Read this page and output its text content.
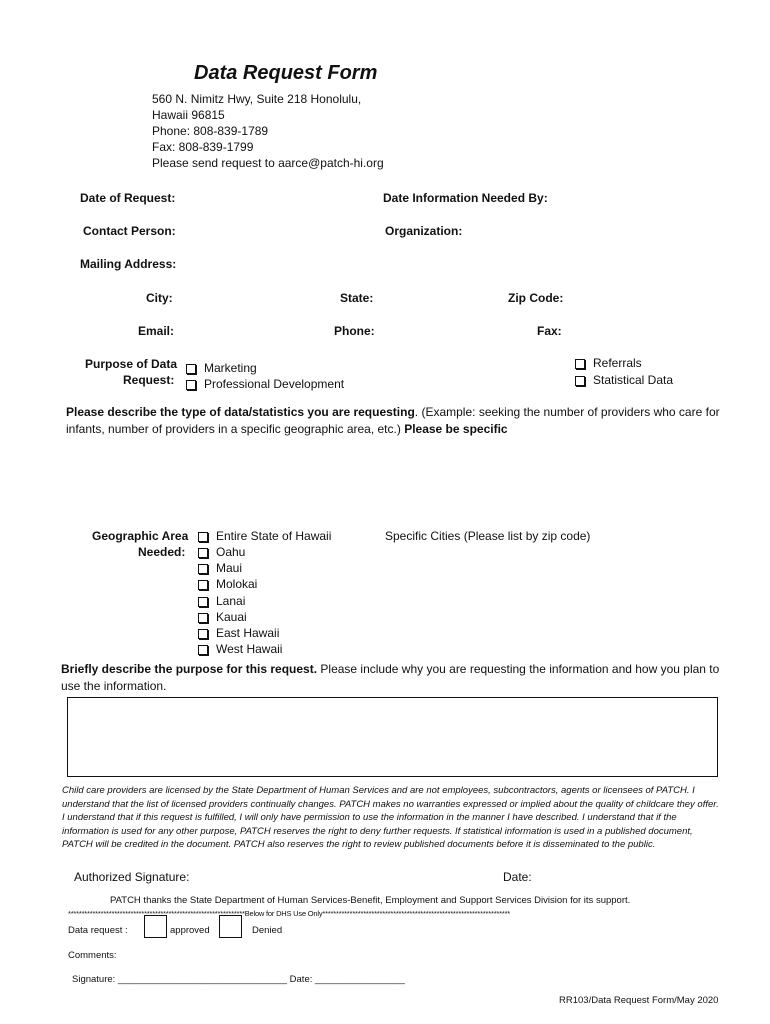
Data Request Form
560 N. Nimitz Hwy, Suite 218 Honolulu,
Hawaii 96815
Phone: 808-839-1789
Fax: 808-839-1799
Please send request to aarce@patch-hi.org
Date of Request:	Date Information Needed By:
Contact Person:	Organization:
Mailing Address:
City:	State:	Zip Code:
Email:	Phone:	Fax:
Purpose of Data
Request:
Marketing
Professional Development
Referrals
Statistical Data
Please describe the type of data/statistics you are requesting. (Example: seeking the number of providers who care for
infants, number of providers in a specific geographic area, etc.) Please be specific
Geographic Area
Needed:
Entire State of Hawaii
Oahu
Maui
Molokai
Lanai
Kauai
East Hawaii
West Hawaii
Specific Cities (Please list by zip code)
Briefly describe the purpose for this request. Please include why you are requesting the information and how you plan to
use the information.
Child care providers are licensed by the State Department of Human Services and are not employees, subcontractors, agents or licensees of PATCH. I understand that the list of licensed providers continually changes. PATCH makes no warranties expressed or implied about the quality of childcare they offer. I understand that if this request is fulfilled, I will only have permission to use the information in the manner I have described. I understand that if the information is used for any other purpose, PATCH reserves the right to deny further requests. If statistical information is used in a published document, PATCH will be credited in the document. PATCH also reserves the right to review published documents before it is disseminated to the public.
Authorized Signature:	Date:
PATCH thanks the State Department of Human Services-Benefit, Employment and Support Services Division for its support.
*****************************************************************Below for DHS Use Only*********************************************************************
Data request :	approved	Denied
Comments:
Signature: ________________________________ Date: _________________
RR103/Data Request Form/May 2020
